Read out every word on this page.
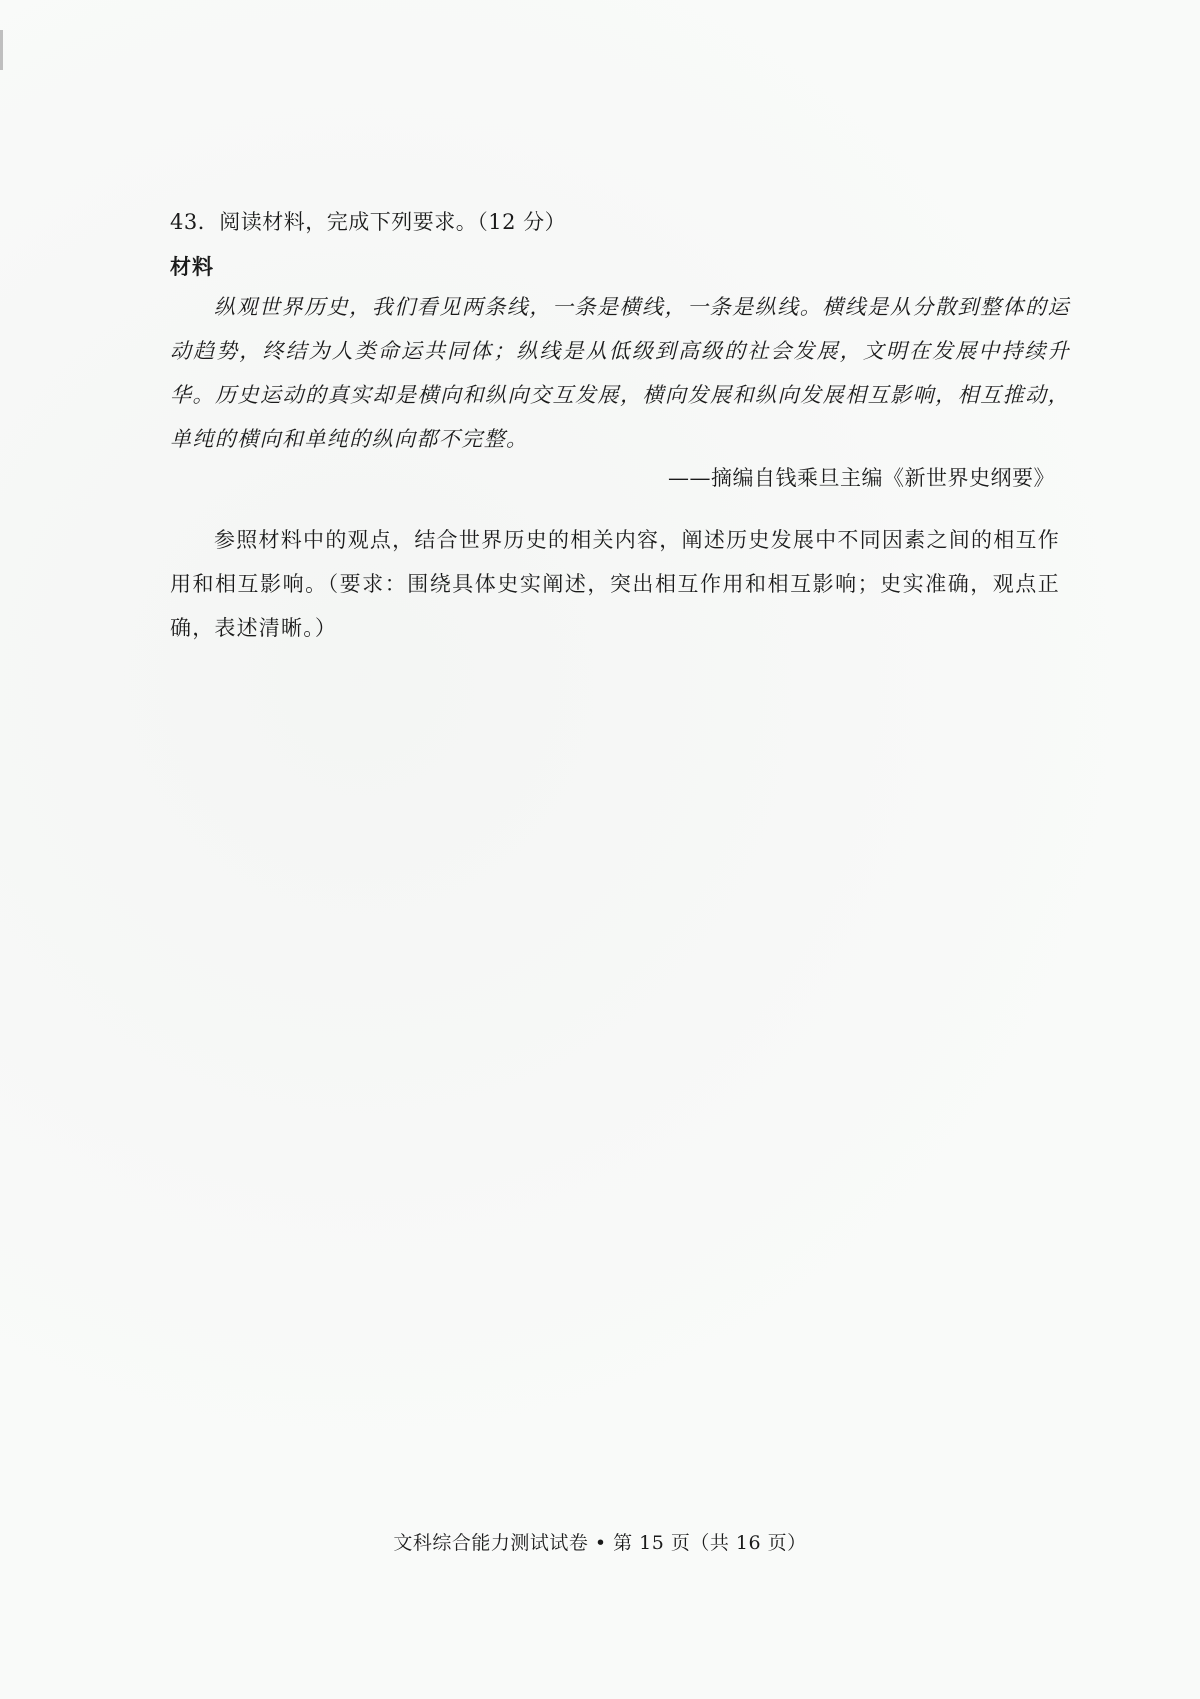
43．阅读材料，完成下列要求。（12 分）
材料
纵观世界历史，我们看见两条线，一条是横线，一条是纵线。横线是从分散到整体的运动趋势，终结为人类命运共同体；纵线是从低级到高级的社会发展，文明在发展中持续升华。历史运动的真实却是横向和纵向交互发展，横向发展和纵向发展相互影响，相互推动，单纯的横向和单纯的纵向都不完整。
——摘编自钱乘旦主编《新世界史纲要》
参照材料中的观点，结合世界历史的相关内容，阐述历史发展中不同因素之间的相互作用和相互影响。（要求：围绕具体史实阐述，突出相互作用和相互影响；史实准确，观点正确，表述清晰。）
文科综合能力测试试卷 • 第 15 页（共 16 页）
